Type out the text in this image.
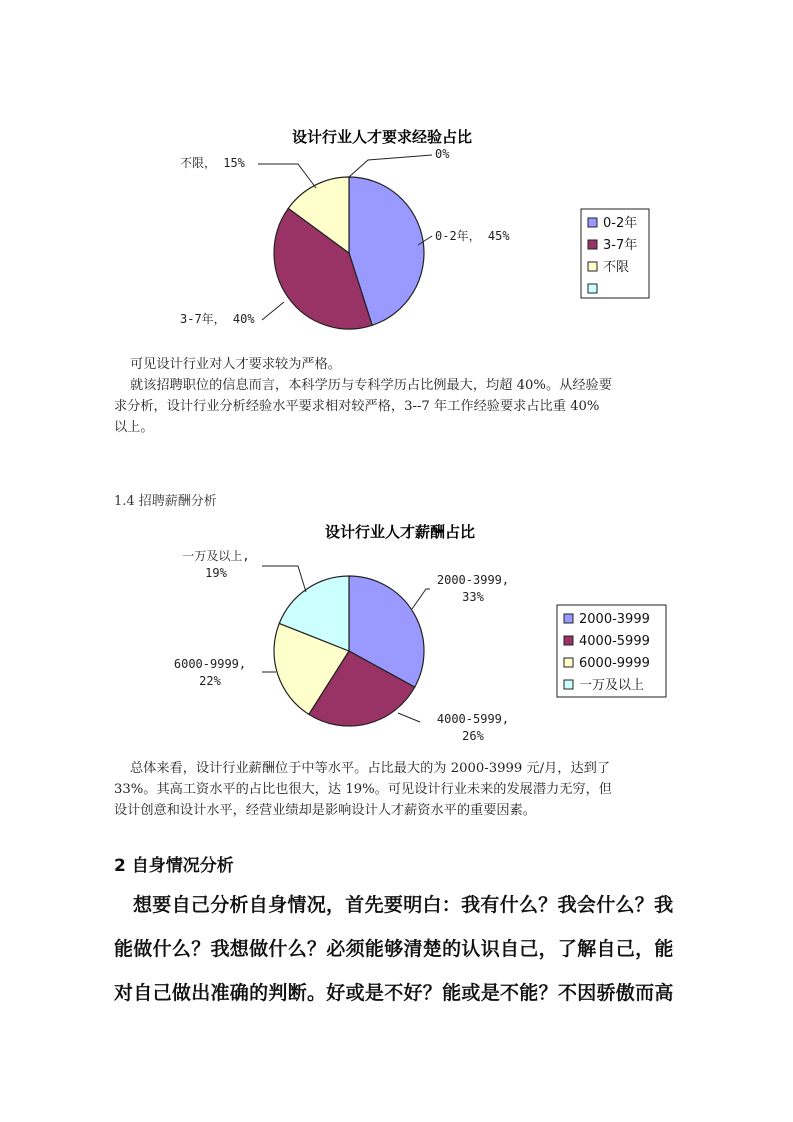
设计行业人才要求经验占比
0-2年， 45%
3-7年， 40%
不限， 15%
0%
0-2年
3-7年
不限
设计行业人才薪酬占比
2000-3999, 33%
4000-5999, 26%
6000-9999, 22%
一万及以上, 19%
2000-3999
4000-5999
6000-9999
一万及以上
可见设计行业对人才要求较为严格。
就该招聘职位的信息而言，本科学历与专科学历占比例最大，均超 40%。从经验要
求分析，设计行业分析经验水平要求相对较严格，3--7 年工作经验要求占比重 40%
以上。
1.4 招聘薪酬分析
总体来看，设计行业薪酬位于中等水平。占比最大的为 2000-3999 元/月，达到了
33%。其高工资水平的占比也很大，达 19%。可见设计行业未来的发展潜力无穷，但
设计创意和设计水平，经营业绩却是影响设计人才薪资水平的重要因素。
2 自身情况分析
想要自己分析自身情况，首先要明白：我有什么？我会什么？我
能做什么？我想做什么？必须能够清楚的认识自己，了解自己，能
对自己做出准确的判断。好或是不好？能或是不能？不因骄傲而高
